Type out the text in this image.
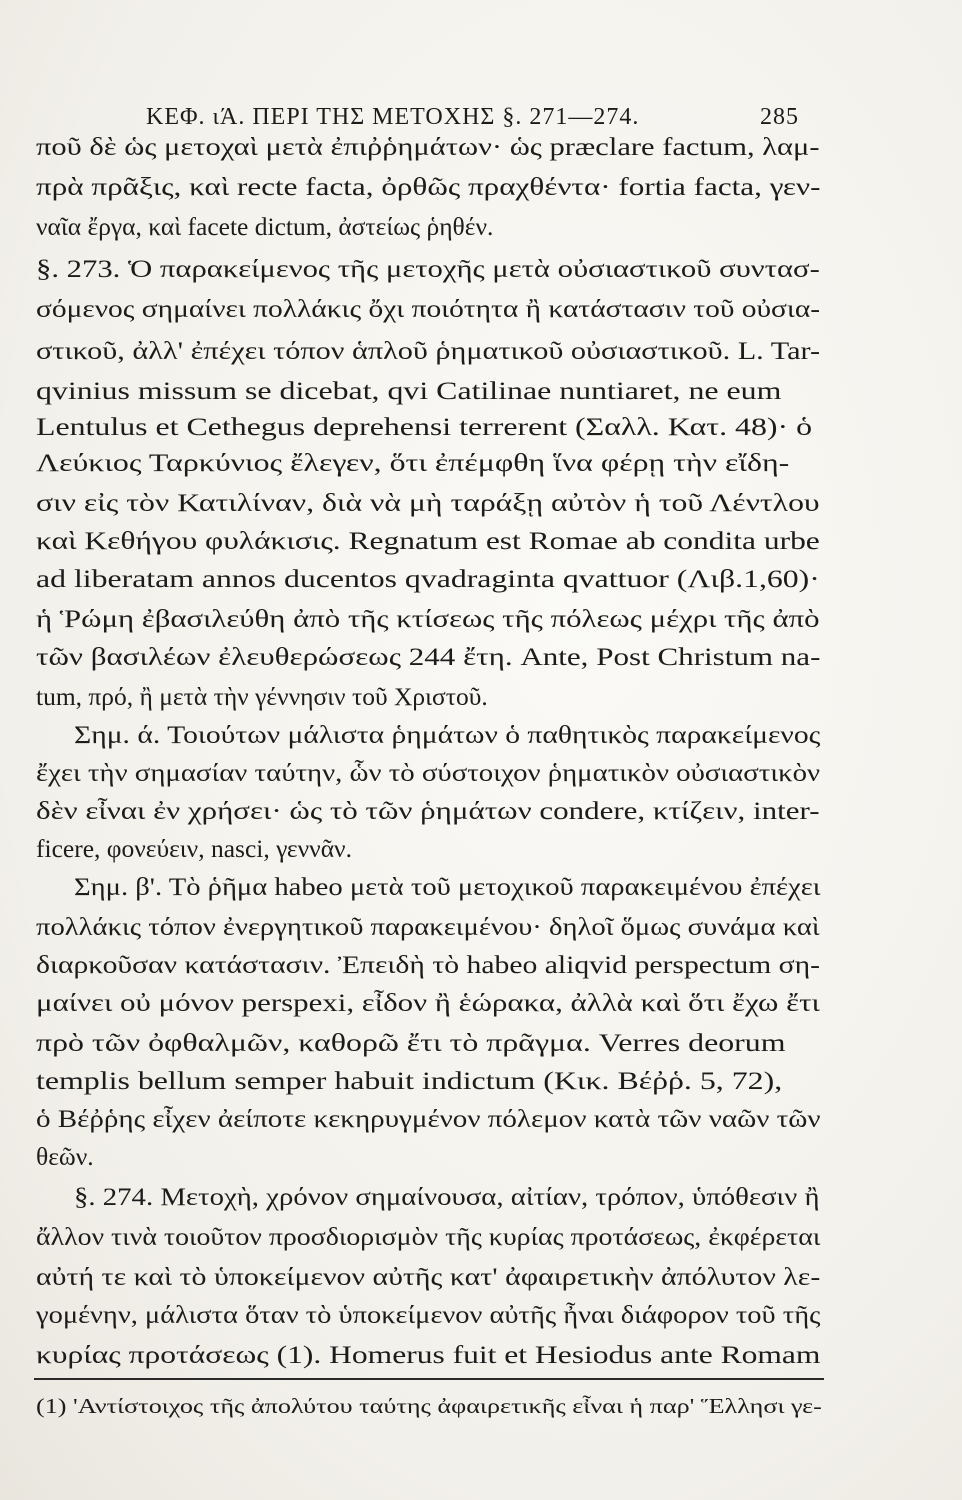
ΚΕΦ. ιΆ. ΠΕΡΙ ΤΗΣ ΜΕΤΟΧΗΣ §. 271—274.	285
ποῦ δὲ ὡς μετοχαὶ μετὰ ἐπιῤῥημάτων· ὡς præclare factum, λαμ-
πρὰ πρᾶξις, καὶ recte facta, ὀρθῶς πραχθέντα· fortia facta, γεν-
ναῖα ἔργα, καὶ facete dictum, ἀστείως ῥηθέν.
§. 273. Ὁ παρακείμενος τῆς μετοχῆς μετὰ οὐσιαστικοῦ συντασ-
σόμενος σημαίνει πολλάκις ὄχι ποιότητα ἢ κατάστασιν τοῦ οὐσια-
στικοῦ, ἀλλ' ἐπέχει τόπον ἁπλοῦ ῥηματικοῦ οὐσιαστικοῦ. L. Tar-
qvinius missum se dicebat, qvi Catilinae nuntiaret, ne eum
Lentulus et Cethegus deprehensi terrerent (Σαλλ. Κατ. 48)· ὁ
Λεύκιος Ταρκύνιος ἔλεγεν, ὅτι ἐπέμφθη ἵνα φέρῃ τὴν εἴδη-
σιν εἰς τὸν Κατιλίναν, διὰ νὰ μὴ ταράξῃ αὐτὸν ἡ τοῦ Λέντλου
καὶ Κεθήγου φυλάκισις. Regnatum est Romae ab condita urbe
ad liberatam annos ducentos qvadraginta qvattuor (Λιβ.1,60)·
ἡ Ῥώμη ἐβασιλεύθη ἀπὸ τῆς κτίσεως τῆς πόλεως μέχρι τῆς ἀπὸ
τῶν βασιλέων ἐλευθερώσεως 244 ἔτη. Ante, Post Christum na-
tum, πρό, ἢ μετὰ τὴν γέννησιν τοῦ Χριστοῦ.
Σημ. ά. Τοιούτων μάλιστα ῥημάτων ὁ παθητικὸς παρακείμενος
ἔχει τὴν σημασίαν ταύτην, ὧν τὸ σύστοιχον ῥηματικὸν οὐσιαστικὸν
δὲν εἶναι ἐν χρήσει· ὡς τὸ τῶν ῥημάτων condere, κτίζειν, inter-
ficere, φονεύειν, nasci, γεννᾶν.
Σημ. β'. Τὸ ῥῆμα habeo μετὰ τοῦ μετοχικοῦ παρακειμένου ἐπέχει
πολλάκις τόπον ἐνεργητικοῦ παρακειμένου· δηλοῖ ὅμως συνάμα καὶ
διαρκοῦσαν κατάστασιν. Ἐπειδὴ τὸ habeo aliqvid perspectum ση-
μαίνει οὐ μόνον perspexi, εἶδον ἢ ἑώρακα, ἀλλὰ καὶ ὅτι ἔχω ἔτι
πρὸ τῶν ὀφθαλμῶν, καθορῶ ἔτι τὸ πρᾶγμα. Verres deorum
templis bellum semper habuit indictum (Κικ. Βέῤῥ. 5, 72),
ὁ Βέῤῥης εἶχεν ἀείποτε κεκηρυγμένον πόλεμον κατὰ τῶν ναῶν τῶν
θεῶν.
§. 274. Μετοχὴ, χρόνον σημαίνουσα, αἰτίαν, τρόπον, ὑπόθεσιν ἢ
ἄλλον τινὰ τοιοῦτον προσδιορισμὸν τῆς κυρίας προτάσεως, ἐκφέρεται
αὐτή τε καὶ τὸ ὑποκείμενον αὐτῆς κατ' ἀφαιρετικὴν ἀπόλυτον λε-
γομένην, μάλιστα ὅταν τὸ ὑποκείμενον αὐτῆς ἦναι διάφορον τοῦ τῆς
κυρίας προτάσεως (1). Homerus fuit et Hesiodus ante Romam
(1) 'Αντίστοιχος τῆς ἀπολύτου ταύτης ἀφαιρετικῆς εἶναι ἡ παρ' Ἕλλησι γε-
